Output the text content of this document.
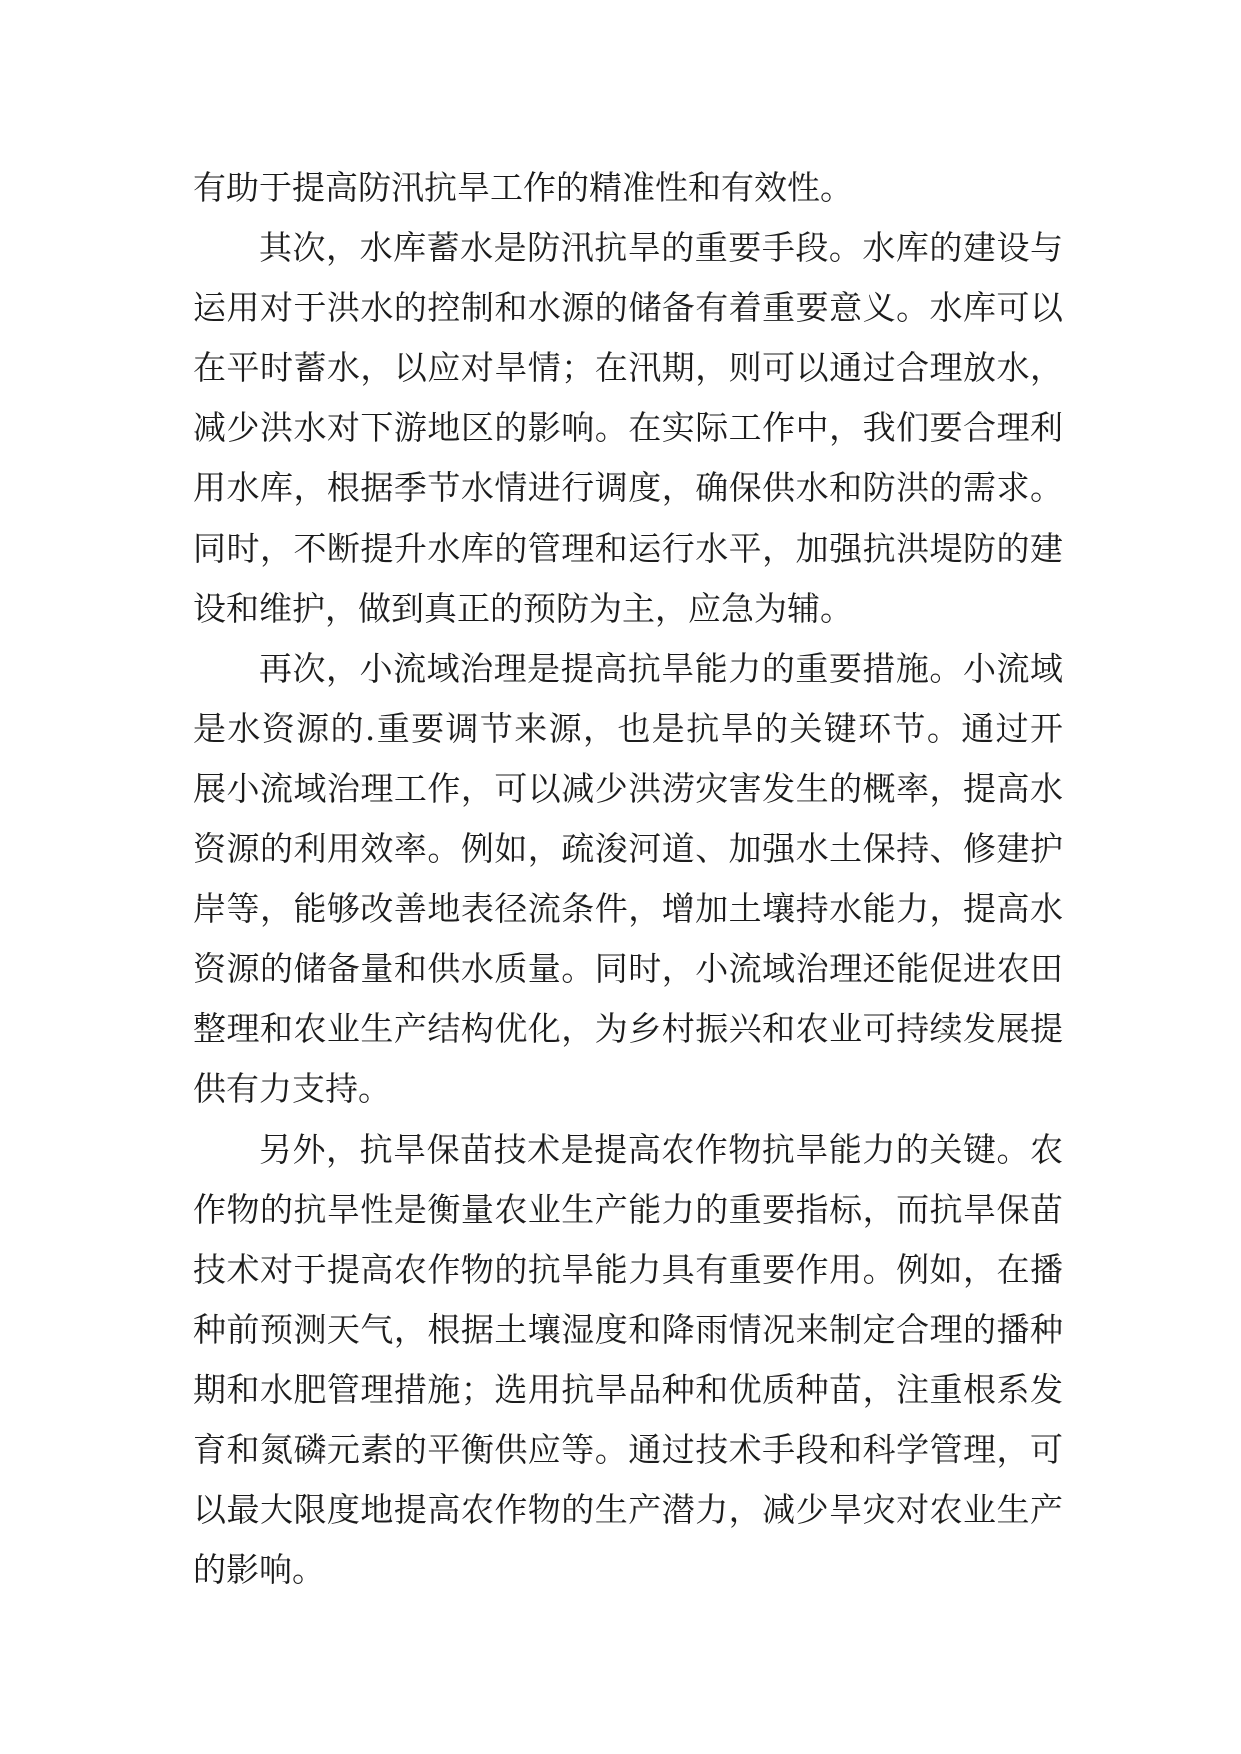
有助于提高防汛抗旱工作的精准性和有效性。
其次，水库蓄水是防汛抗旱的重要手段。水库的建设与
运用对于洪水的控制和水源的储备有着重要意义。水库可以
在平时蓄水，以应对旱情；在汛期，则可以通过合理放水，
减少洪水对下游地区的影响。在实际工作中，我们要合理利
用水库，根据季节水情进行调度，确保供水和防洪的需求。
同时，不断提升水库的管理和运行水平，加强抗洪堤防的建
设和维护，做到真正的预防为主，应急为辅。
再次，小流域治理是提高抗旱能力的重要措施。小流域
是水资源的.重要调节来源，也是抗旱的关键环节。通过开
展小流域治理工作，可以减少洪涝灾害发生的概率，提高水
资源的利用效率。例如，疏浚河道、加强水土保持、修建护
岸等，能够改善地表径流条件，增加土壤持水能力，提高水
资源的储备量和供水质量。同时，小流域治理还能促进农田
整理和农业生产结构优化，为乡村振兴和农业可持续发展提
供有力支持。
另外，抗旱保苗技术是提高农作物抗旱能力的关键。农
作物的抗旱性是衡量农业生产能力的重要指标，而抗旱保苗
技术对于提高农作物的抗旱能力具有重要作用。例如，在播
种前预测天气，根据土壤湿度和降雨情况来制定合理的播种
期和水肥管理措施；选用抗旱品种和优质种苗，注重根系发
育和氮磷元素的平衡供应等。通过技术手段和科学管理，可
以最大限度地提高农作物的生产潜力，减少旱灾对农业生产
的影响。
